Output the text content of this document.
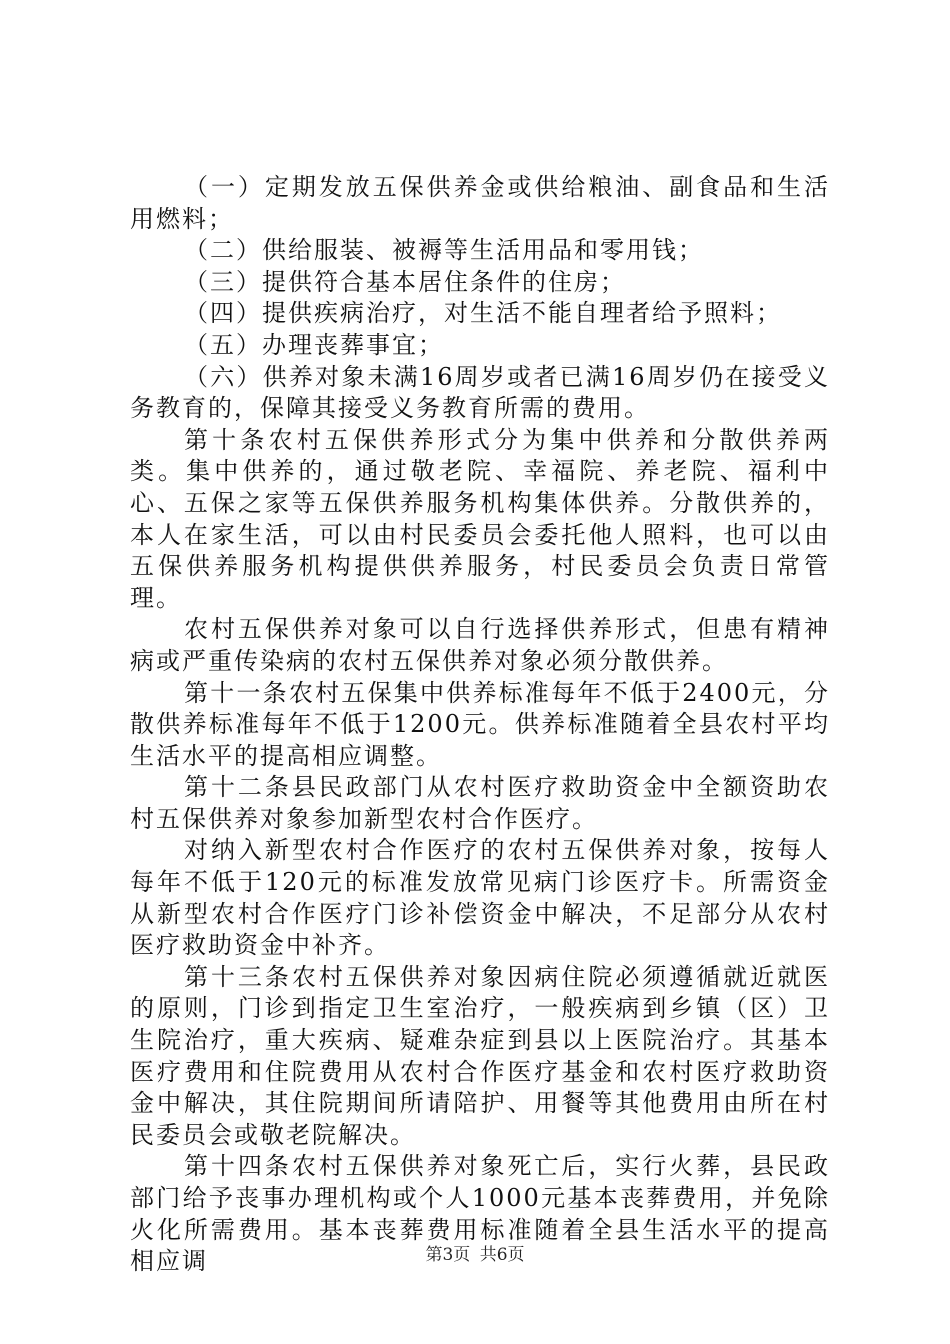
（一）定期发放五保供养金或供给粮油、副食品和生活用燃料；

（二）供给服装、被褥等生活用品和零用钱；

（三）提供符合基本居住条件的住房；

（四）提供疾病治疗，对生活不能自理者给予照料；

（五）办理丧葬事宜；

（六）供养对象未满16周岁或者已满16周岁仍在接受义务教育的，保障其接受义务教育所需的费用。

第十条农村五保供养形式分为集中供养和分散供养两类。集中供养的，通过敬老院、幸福院、养老院、福利中心、五保之家等五保供养服务机构集体供养。分散供养的，本人在家生活，可以由村民委员会委托他人照料，也可以由五保供养服务机构提供供养服务，村民委员会负责日常管理。

农村五保供养对象可以自行选择供养形式，但患有精神病或严重传染病的农村五保供养对象必须分散供养。

第十一条农村五保集中供养标准每年不低于2400元，分散供养标准每年不低于1200元。供养标准随着全县农村平均生活水平的提高相应调整。

第十二条县民政部门从农村医疗救助资金中全额资助农村五保供养对象参加新型农村合作医疗。

对纳入新型农村合作医疗的农村五保供养对象，按每人每年不低于120元的标准发放常见病门诊医疗卡。所需资金从新型农村合作医疗门诊补偿资金中解决，不足部分从农村医疗救助资金中补齐。

第十三条农村五保供养对象因病住院必须遵循就近就医的原则，门诊到指定卫生室治疗，一般疾病到乡镇（区）卫生院治疗，重大疾病、疑难杂症到县以上医院治疗。其基本医疗费用和住院费用从农村合作医疗基金和农村医疗救助资金中解决，其住院期间所请陪护、用餐等其他费用由所在村民委员会或敬老院解决。

第十四条农村五保供养对象死亡后，实行火葬，县民政部门给予丧事办理机构或个人1000元基本丧葬费用，并免除火化所需费用。基本丧葬费用标准随着全县生活水平的提高相应调	第3页 共6页
